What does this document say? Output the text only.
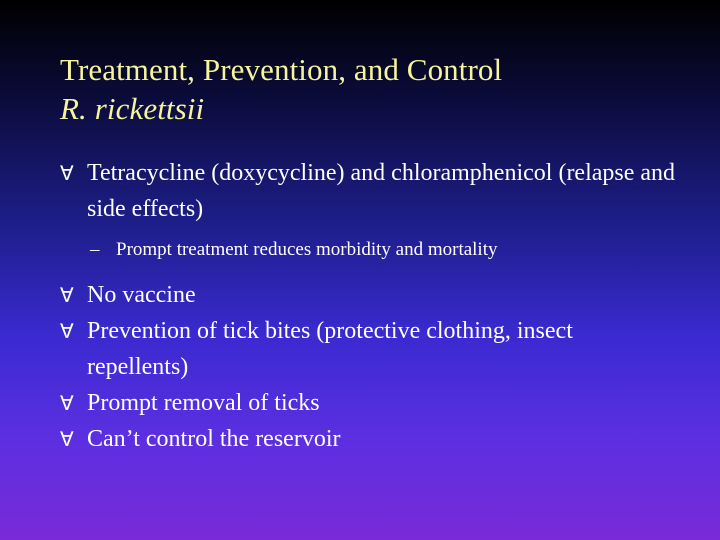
Treatment, Prevention, and Control
R. rickettsii
∀ Tetracycline (doxycycline) and chloramphenicol (relapse and side effects)
– Prompt treatment reduces morbidity and mortality
∀ No vaccine
∀ Prevention of tick bites (protective clothing, insect repellents)
∀ Prompt removal of ticks
∀ Can’t control the reservoir
